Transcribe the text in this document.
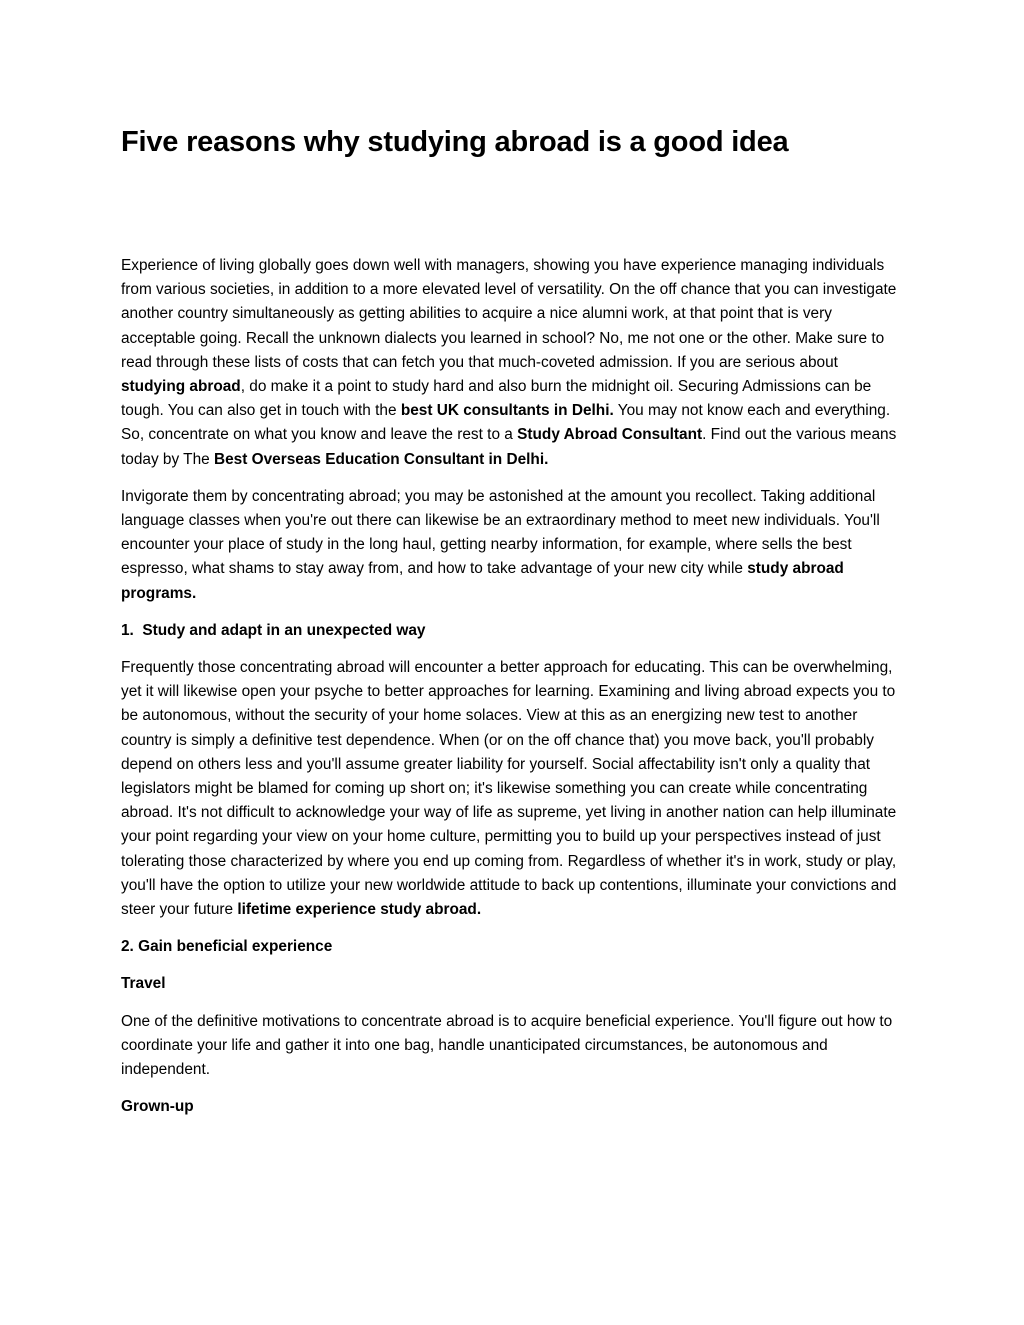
Five reasons why studying abroad is a good idea

Experience of living globally goes down well with managers, showing you have experience managing individuals from various societies, in addition to a more elevated level of versatility. On the off chance that you can investigate another country simultaneously as getting abilities to acquire a nice alumni work, at that point that is very acceptable going. Recall the unknown dialects you learned in school? No, me not one or the other. Make sure to read through these lists of costs that can fetch you that much-coveted admission. If you are serious about studying abroad, do make it a point to study hard and also burn the midnight oil. Securing Admissions can be tough. You can also get in touch with the best UK consultants in Delhi. You may not know each and everything. So, concentrate on what you know and leave the rest to a Study Abroad Consultant. Find out the various means today by The Best Overseas Education Consultant in Delhi.

Invigorate them by concentrating abroad; you may be astonished at the amount you recollect. Taking additional language classes when you're out there can likewise be an extraordinary method to meet new individuals. You'll encounter your place of study in the long haul, getting nearby information, for example, where sells the best espresso, what shams to stay away from, and how to take advantage of your new city while study abroad programs.

1.  Study and adapt in an unexpected way

Frequently those concentrating abroad will encounter a better approach for educating. This can be overwhelming, yet it will likewise open your psyche to better approaches for learning. Examining and living abroad expects you to be autonomous, without the security of your home solaces. View at this as an energizing new test to another country is simply a definitive test dependence. When (or on the off chance that) you move back, you'll probably depend on others less and you'll assume greater liability for yourself. Social affectability isn't only a quality that legislators might be blamed for coming up short on; it's likewise something you can create while concentrating abroad. It's not difficult to acknowledge your way of life as supreme, yet living in another nation can help illuminate your point regarding your view on your home culture, permitting you to build up your perspectives instead of just tolerating those characterized by where you end up coming from. Regardless of whether it's in work, study or play, you'll have the option to utilize your new worldwide attitude to back up contentions, illuminate your convictions and steer your future lifetime experience study abroad.

2. Gain beneficial experience
Travel

One of the definitive motivations to concentrate abroad is to acquire beneficial experience. You'll figure out how to coordinate your life and gather it into one bag, handle unanticipated circumstances, be autonomous and independent.

Grown-up
